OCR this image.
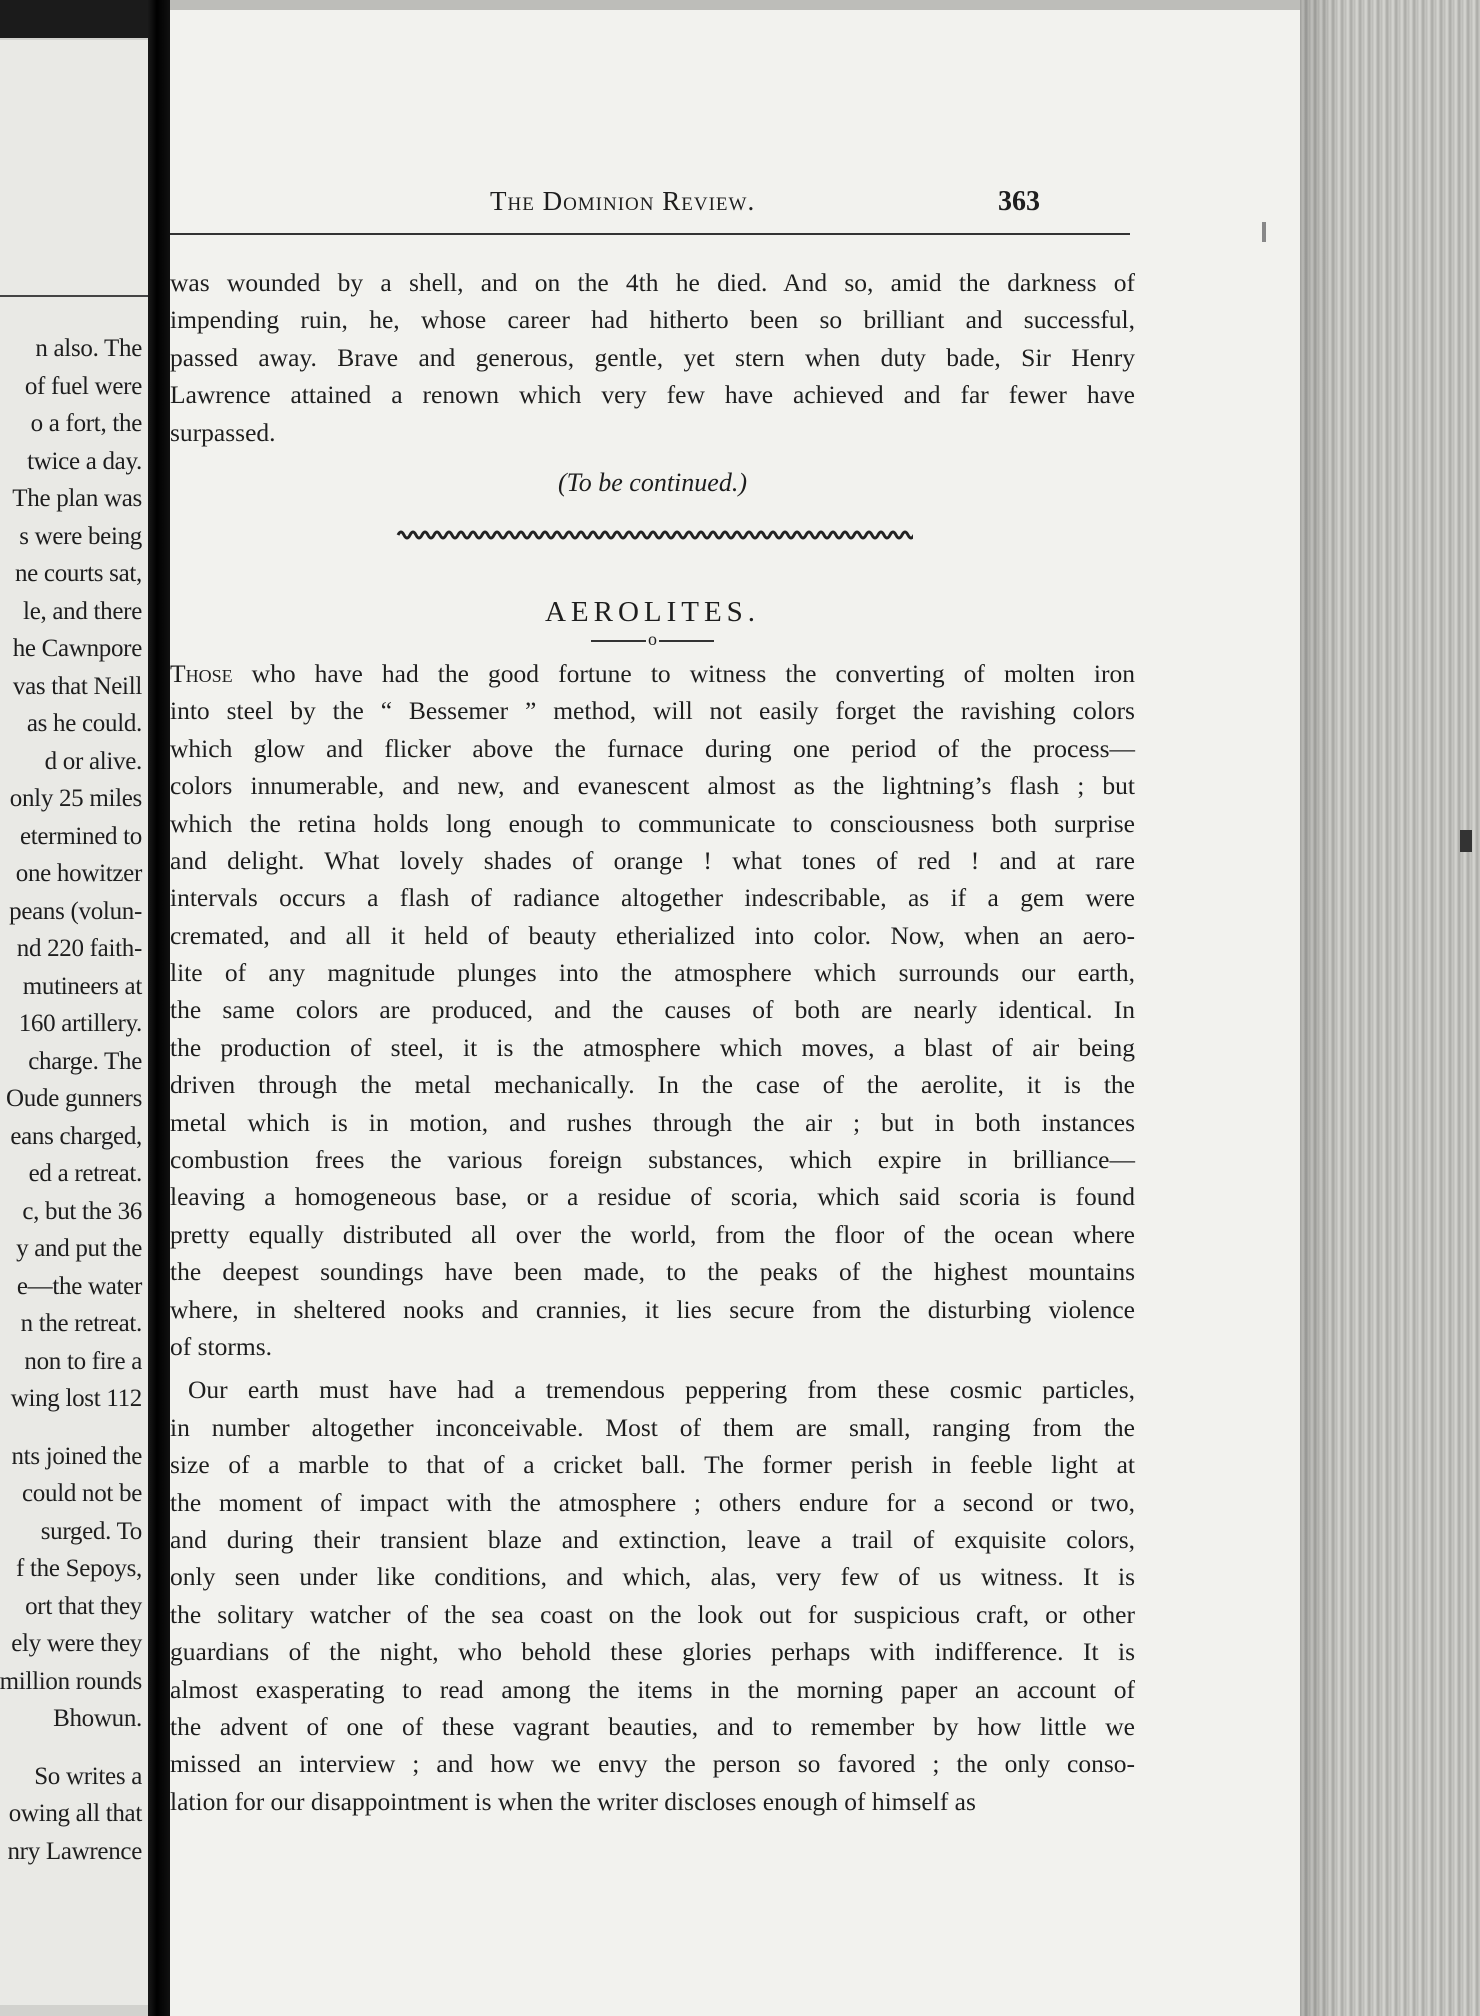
n also. The
of fuel were
o a fort, the
twice a day.
The plan was
s were being
ne courts sat,
le, and there
he Cawnpore
vas that Neill
as he could.
d or alive.
only 25 miles
etermined to
one howitzer
peans (volun-
nd 220 faith-
mutineers at
160 artillery.
charge. The
Oude gunners
eans charged,
ed a retreat.
c, but the 36
y and put the
e—the water
n the retreat.
non to fire a
wing lost 112
nts joined the
could not be
surged. To
f the Sepoys,
ort that they
ely were they
million rounds
Bhowun.
So writes a
owing all that
nry Lawrence
The Dominion Review.	363
was wounded by a shell, and on the 4th he died. And so, amid the darkness of
impending ruin, he, whose career had hitherto been so brilliant and successful,
passed away. Brave and generous, gentle, yet stern when duty bade, Sir Henry
Lawrence attained a renown which very few have achieved and far fewer have
surpassed.
(To be continued.)
AEROLITES.
o
Those who have had the good fortune to witness the converting of molten iron
into steel by the “ Bessemer ” method, will not easily forget the ravishing colors
which glow and flicker above the furnace during one period of the process—
colors innumerable, and new, and evanescent almost as the lightning’s flash ; but
which the retina holds long enough to communicate to consciousness both surprise
and delight. What lovely shades of orange ! what tones of red ! and at rare
intervals occurs a flash of radiance altogether indescribable, as if a gem were
cremated, and all it held of beauty etherialized into color. Now, when an aero-
lite of any magnitude plunges into the atmosphere which surrounds our earth,
the same colors are produced, and the causes of both are nearly identical. In
the production of steel, it is the atmosphere which moves, a blast of air being
driven through the metal mechanically. In the case of the aerolite, it is the
metal which is in motion, and rushes through the air ; but in both instances
combustion frees the various foreign substances, which expire in brilliance—
leaving a homogeneous base, or a residue of scoria, which said scoria is found
pretty equally distributed all over the world, from the floor of the ocean where
the deepest soundings have been made, to the peaks of the highest mountains
where, in sheltered nooks and crannies, it lies secure from the disturbing violence
of storms.
Our earth must have had a tremendous peppering from these cosmic particles,
in number altogether inconceivable. Most of them are small, ranging from the
size of a marble to that of a cricket ball. The former perish in feeble light at
the moment of impact with the atmosphere ; others endure for a second or two,
and during their transient blaze and extinction, leave a trail of exquisite colors,
only seen under like conditions, and which, alas, very few of us witness. It is
the solitary watcher of the sea coast on the look out for suspicious craft, or other
guardians of the night, who behold these glories perhaps with indifference. It is
almost exasperating to read among the items in the morning paper an account of
the advent of one of these vagrant beauties, and to remember by how little we
missed an interview ; and how we envy the person so favored ; the only conso-
lation for our disappointment is when the writer discloses enough of himself as
